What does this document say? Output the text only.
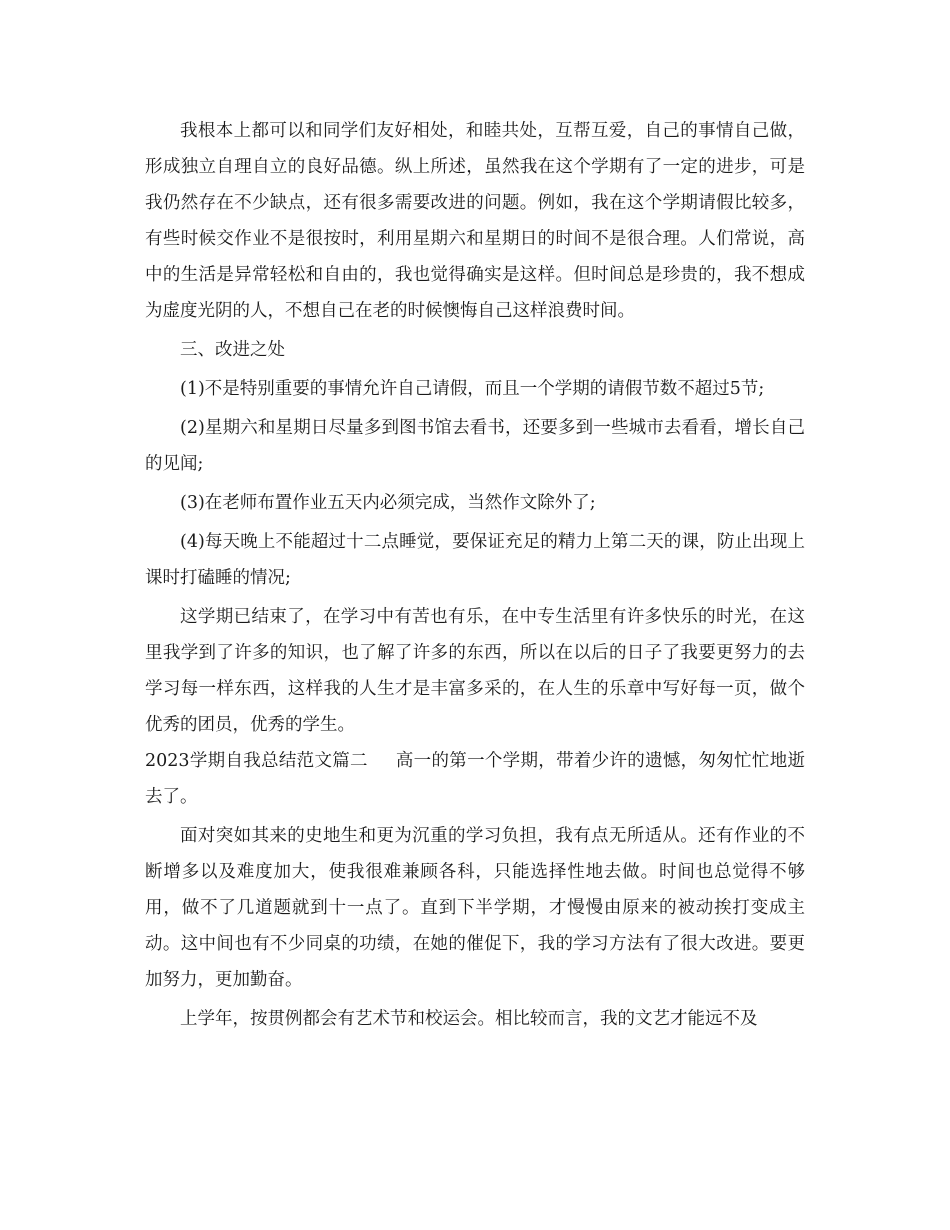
我根本上都可以和同学们友好相处，和睦共处，互帮互爱，自己的事情自己做，形成独立自理自立的良好品德。纵上所述，虽然我在这个学期有了一定的进步，可是我仍然存在不少缺点，还有很多需要改进的问题。例如，我在这个学期请假比较多，有些时候交作业不是很按时，利用星期六和星期日的时间不是很合理。人们常说，高中的生活是异常轻松和自由的，我也觉得确实是这样。但时间总是珍贵的，我不想成为虚度光阴的人，不想自己在老的时候懊悔自己这样浪费时间。

三、改进之处

(1)不是特别重要的事情允许自己请假，而且一个学期的请假节数不超过5节;

(2)星期六和星期日尽量多到图书馆去看书，还要多到一些城市去看看，增长自己的见闻;

(3)在老师布置作业五天内必须完成，当然作文除外了;

(4)每天晚上不能超过十二点睡觉，要保证充足的精力上第二天的课，防止出现上课时打磕睡的情况;

这学期已结束了，在学习中有苦也有乐，在中专生活里有许多快乐的时光，在这里我学到了许多的知识，也了解了许多的东西，所以在以后的日子了我要更努力的去学习每一样东西，这样我的人生才是丰富多采的，在人生的乐章中写好每一页，做个优秀的团员，优秀的学生。

2023学期自我总结范文篇二 高一的第一个学期，带着少许的遗憾，匆匆忙忙地逝去了。

面对突如其来的史地生和更为沉重的学习负担，我有点无所适从。还有作业的不断增多以及难度加大，使我很难兼顾各科，只能选择性地去做。时间也总觉得不够用，做不了几道题就到十一点了。直到下半学期，才慢慢由原来的被动挨打变成主动。这中间也有不少同桌的功绩，在她的催促下，我的学习方法有了很大改进。要更加努力，更加勤奋。

上学年，按贯例都会有艺术节和校运会。相比较而言，我的文艺才能远不及
